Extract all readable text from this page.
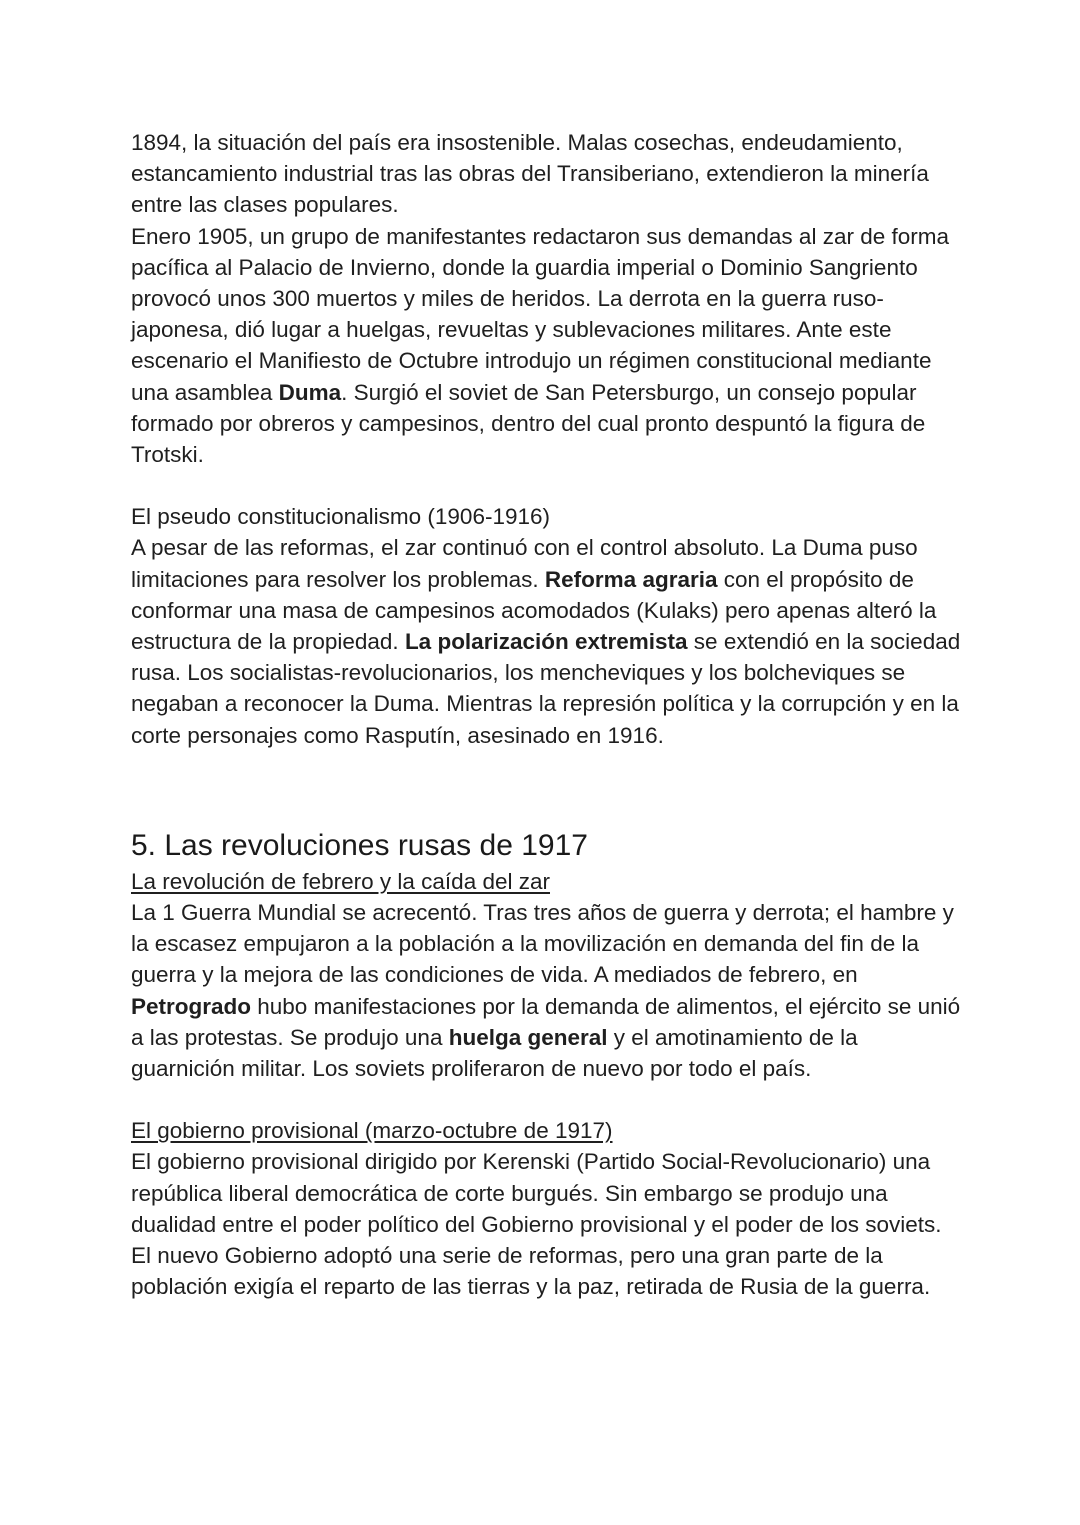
1894, la situación del país era insostenible. Malas cosechas, endeudamiento, estancamiento industrial tras las obras del Transiberiano, extendieron la minería entre las clases populares.

Enero 1905, un grupo de manifestantes redactaron sus demandas al zar de forma pacífica al Palacio de Invierno, donde la guardia imperial o Dominio Sangriento provocó unos 300 muertos y miles de heridos. La derrota en la guerra ruso-japonesa, dió lugar a huelgas, revueltas y sublevaciones militares. Ante este escenario el Manifiesto de Octubre introdujo un régimen constitucional mediante una asamblea Duma. Surgió el soviet de San Petersburgo, un consejo popular formado por obreros y campesinos, dentro del cual pronto despuntó la figura de Trotski.

El pseudo constitucionalismo (1906-1916)

A pesar de las reformas, el zar continuó con el control absoluto. La Duma puso limitaciones para resolver los problemas. Reforma agraria con el propósito de conformar una masa de campesinos acomodados (Kulaks) pero apenas alteró la estructura de la propiedad. La polarización extremista se extendió en la sociedad rusa. Los socialistas-revolucionarios, los mencheviques y los bolcheviques se negaban a reconocer la Duma. Mientras la represión política y la corrupción y en la corte personajes como Rasputín, asesinado en 1916.

5. Las revoluciones rusas de 1917

La revolución de febrero y la caída del zar

La 1 Guerra Mundial se acrecentó. Tras tres años de guerra y derrota; el hambre y la escasez empujaron a la población a la movilización en demanda del fin de la guerra y la mejora de las condiciones de vida. A mediados de febrero, en Petrogrado hubo manifestaciones por la demanda de alimentos, el ejército se unió a las protestas. Se produjo una huelga general y el amotinamiento de la guarnición militar. Los soviets proliferaron de nuevo por todo el país.

El gobierno provisional (marzo-octubre de 1917)

El gobierno provisional dirigido por Kerenski (Partido Social-Revolucionario) una república liberal democrática de corte burgués. Sin embargo se produjo una dualidad entre el poder político del Gobierno provisional y el poder de los soviets. El nuevo Gobierno adoptó una serie de reformas, pero una gran parte de la población exigía el reparto de las tierras y la paz, retirada de Rusia de la guerra.
